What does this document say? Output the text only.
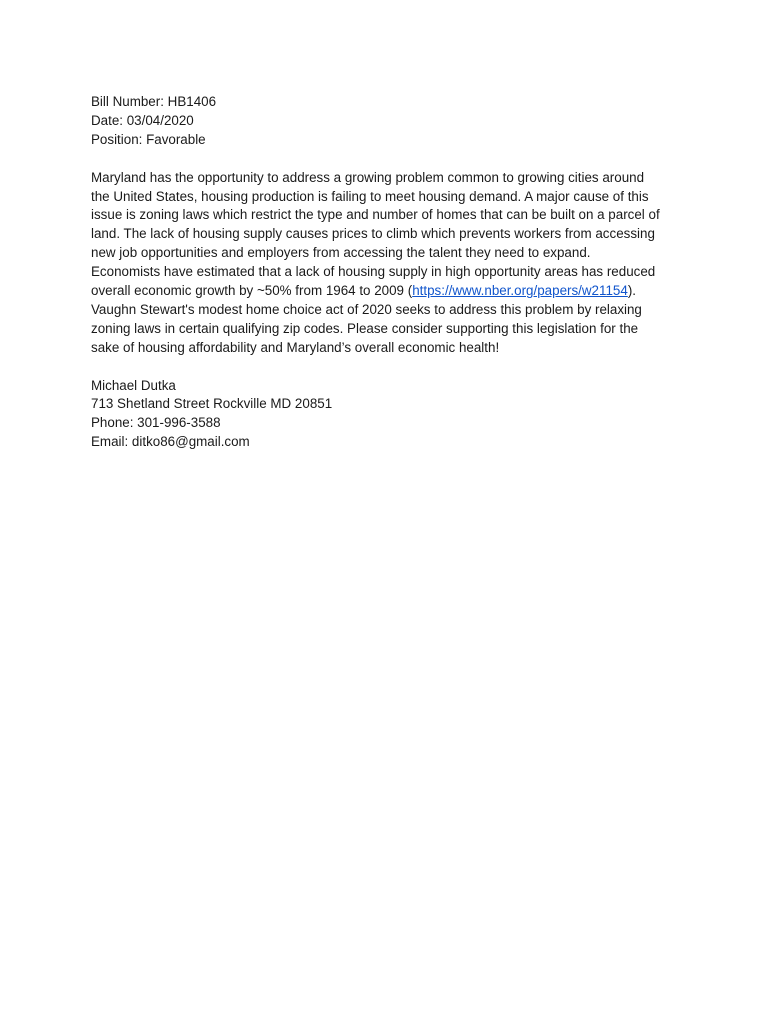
Bill Number: HB1406
Date: 03/04/2020
Position: Favorable
Maryland has the opportunity to address a growing problem common to growing cities around
the United States, housing production is failing to meet housing demand. A major cause of this
issue is zoning laws which restrict the type and number of homes that can be built on a parcel of
land. The lack of housing supply causes prices to climb which prevents workers from accessing
new job opportunities and employers from accessing the talent they need to expand.
Economists have estimated that a lack of housing supply in high opportunity areas has reduced
overall economic growth by ~50% from 1964 to 2009 (https://www.nber.org/papers/w21154).
Vaughn Stewart's modest home choice act of 2020 seeks to address this problem by relaxing
zoning laws in certain qualifying zip codes. Please consider supporting this legislation for the
sake of housing affordability and Maryland’s overall economic health!
Michael Dutka
713 Shetland Street Rockville MD 20851
Phone: 301-996-3588
Email: ditko86@gmail.com
